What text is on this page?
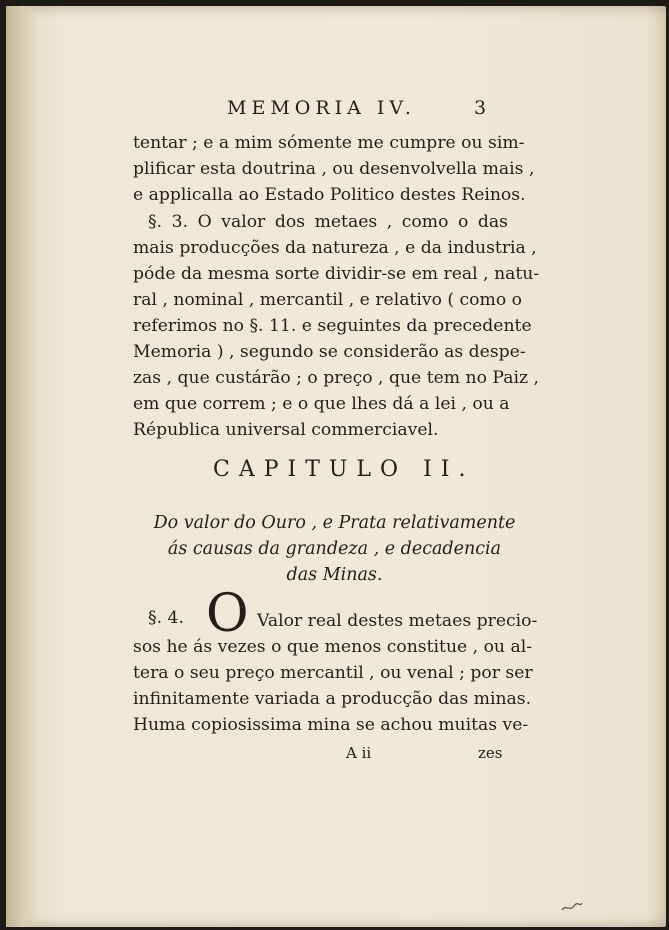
MEMORIA IV.	3
tentar ; e a mim sómente me cumpre ou sim-
plificar esta doutrina , ou desenvolvella mais ,
e applicalla ao Estado Politico destes Reinos.
§. 3. O valor dos metaes , como o das
mais producções da natureza , e da industria ,
póde da mesma sorte dividir-se em real , natu-
ral , nominal , mercantil , e relativo ( como o
referimos no §. 11. e seguintes da precedente
Memoria ) , segundo se considerão as despe-
zas , que custárão ; o preço , que tem no Paiz ,
em que correm ; e o que lhes dá a lei , ou a
Républica universal commerciavel.
CAPITULO II.
Do valor do Ouro , e Prata relativamente
ás causas da grandeza , e decadencia
das Minas.
§. 4. O Valor real destes metaes precio-
sos he ás vezes o que menos constitue , ou al-
tera o seu preço mercantil , ou venal ; por ser
infinitamente variada a producção das minas.
Huma copiosissima mina se achou muitas ve-
A ii	zes
